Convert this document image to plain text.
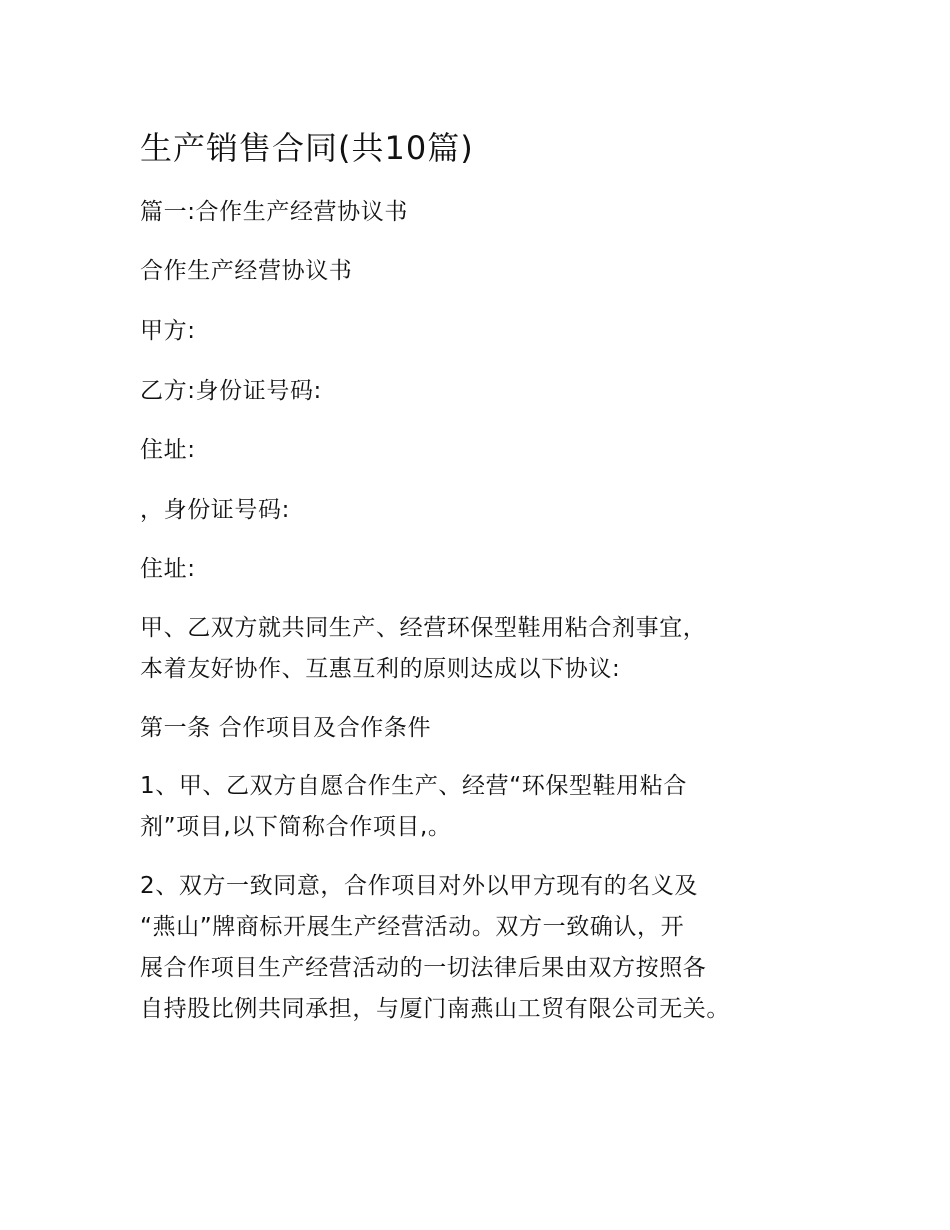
生产销售合同(共10篇)
篇一:合作生产经营协议书
合作生产经营协议书
甲方:
乙方:身份证号码:
住址:
，身份证号码:
住址:
甲、乙双方就共同生产、经营环保型鞋用粘合剂事宜，
本着友好协作、互惠互利的原则达成以下协议:
第一条 合作项目及合作条件
1、甲、乙双方自愿合作生产、经营“环保型鞋用粘合
剂”项目,以下简称合作项目,。
2、双方一致同意，合作项目对外以甲方现有的名义及
“燕山”牌商标开展生产经营活动。双方一致确认，开
展合作项目生产经营活动的一切法律后果由双方按照各
自持股比例共同承担，与厦门南燕山工贸有限公司无关。
